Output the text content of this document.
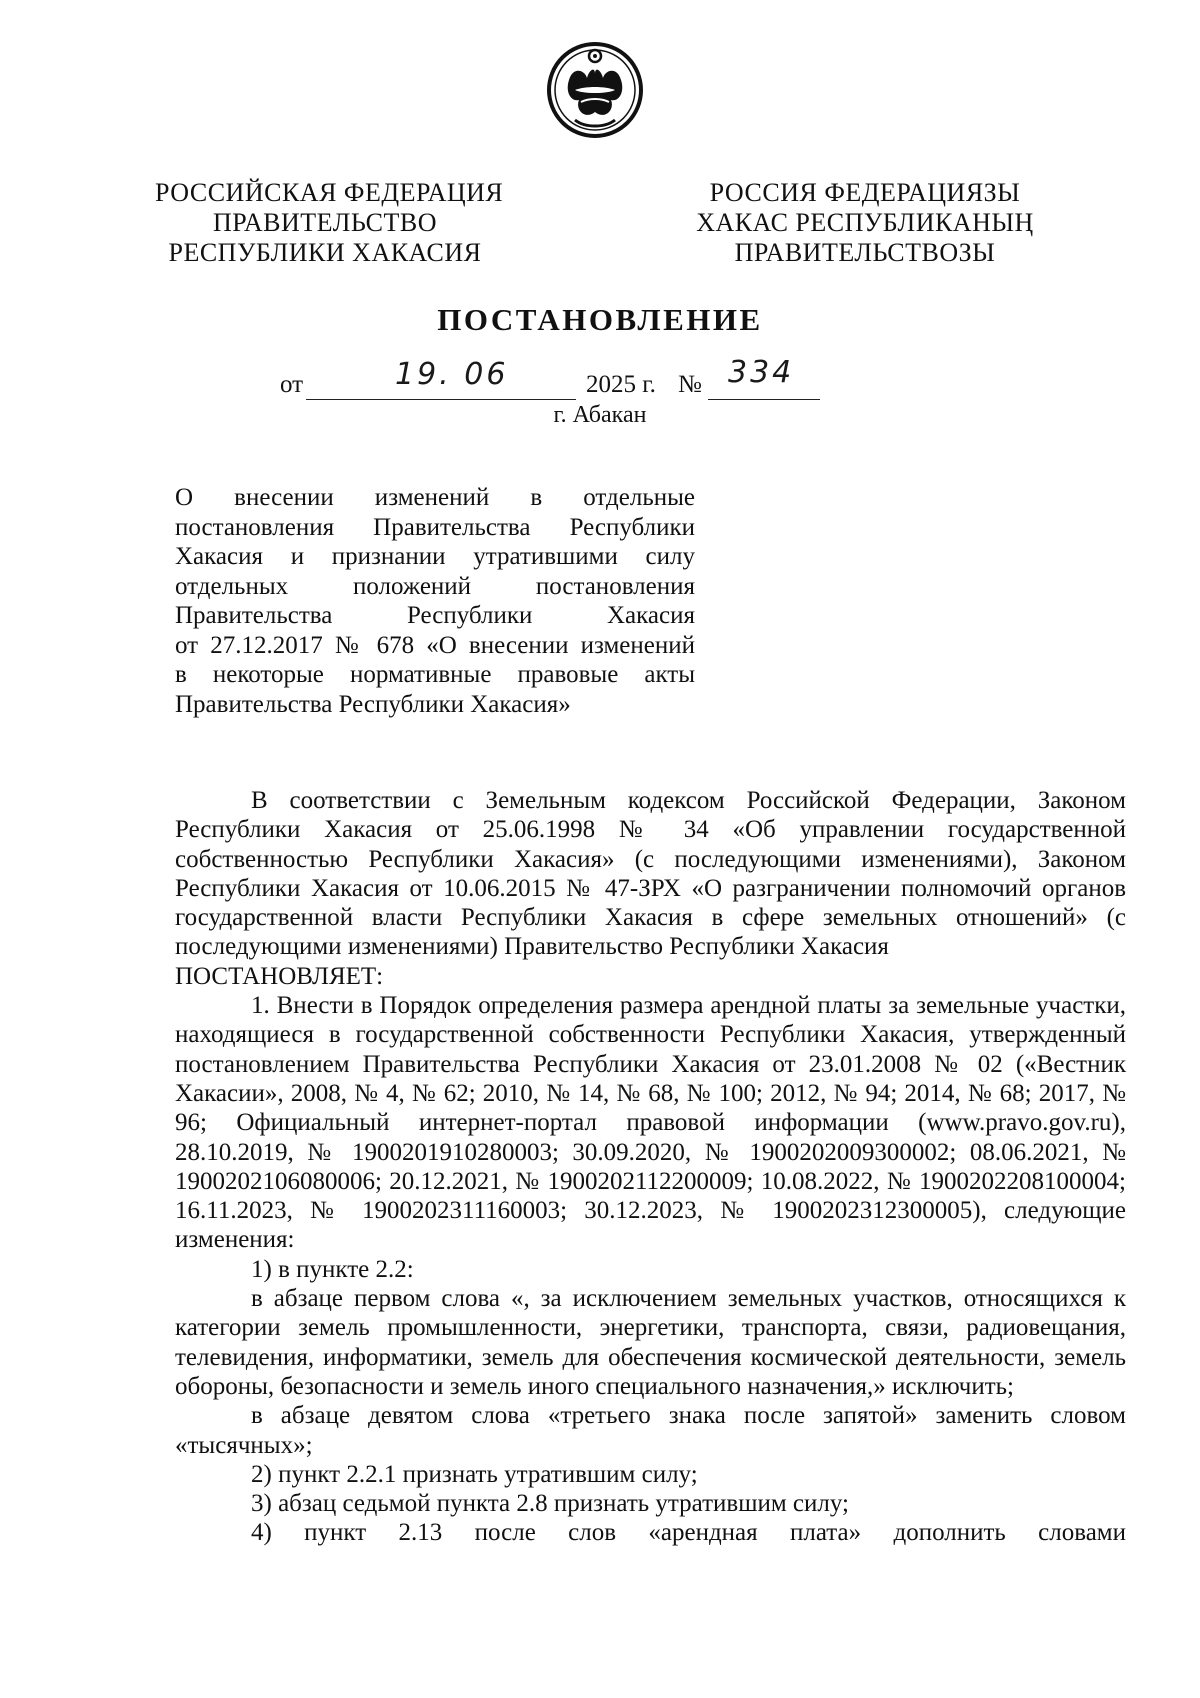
РОССИЙСКАЯ ФЕДЕРАЦИЯ
ПРАВИТЕЛЬСТВО
РЕСПУБЛИКИ ХАКАСИЯ
РОССИЯ ФЕДЕРАЦИЯЗЫ
ХАКАС РЕСПУБЛИКАНЫҢ
ПРАВИТЕЛЬСТВОЗЫ
ПОСТАНОВЛЕНИЕ
от	19. 06	2025 г. № 334
г. Абакан
О внесении изменений в отдельные
постановления Правительства Республики
Хакасия и признании утратившими силу
отдельных положений постановления
Правительства Республики Хакасия
от 27.12.2017 № 678 «О внесении изменений
в некоторые нормативные правовые акты
Правительства Республики Хакасия»

В соответствии с Земельным кодексом Российской Федерации, Законом Республики Хакасия от 25.06.1998 № 34 «Об управлении государственной собственностью Республики Хакасия» (с последующими изменениями), Законом Республики Хакасия от 10.06.2015 № 47-ЗРХ «О разграничении полномочий органов государственной власти Республики Хакасия в сфере земельных отношений» (с последующими изменениями) Правительство Республики Хакасия

ПОСТАНОВЛЯЕТ:

1. Внести в Порядок определения размера арендной платы за земельные участки, находящиеся в государственной собственности Республики Хакасия, утвержденный постановлением Правительства Республики Хакасия от 23.01.2008 № 02 («Вестник Хакасии», 2008, № 4, № 62; 2010, № 14, № 68, № 100; 2012, № 94; 2014, № 68; 2017, № 96; Официальный интернет-портал правовой информации (www.pravo.gov.ru), 28.10.2019, № 1900201910280003; 30.09.2020, № 1900202009300002; 08.06.2021, № 1900202106080006; 20.12.2021, № 1900202112200009; 10.08.2022, № 1900202208100004; 16.11.2023, № 1900202311160003; 30.12.2023, № 1900202312300005), следующие изменения:

1) в пункте 2.2:

в абзаце первом слова «, за исключением земельных участков, относящихся к категории земель промышленности, энергетики, транспорта, связи, радиовещания, телевидения, информатики, земель для обеспечения космической деятельности, земель обороны, безопасности и земель иного специального назначения,» исключить;

в абзаце девятом слова «третьего знака после запятой» заменить словом «тысячных»;

2) пункт 2.2.1 признать утратившим силу;

3) абзац седьмой пункта 2.8 признать утратившим силу;

4) пункт 2.13 после слов «арендная плата» дополнить словами
